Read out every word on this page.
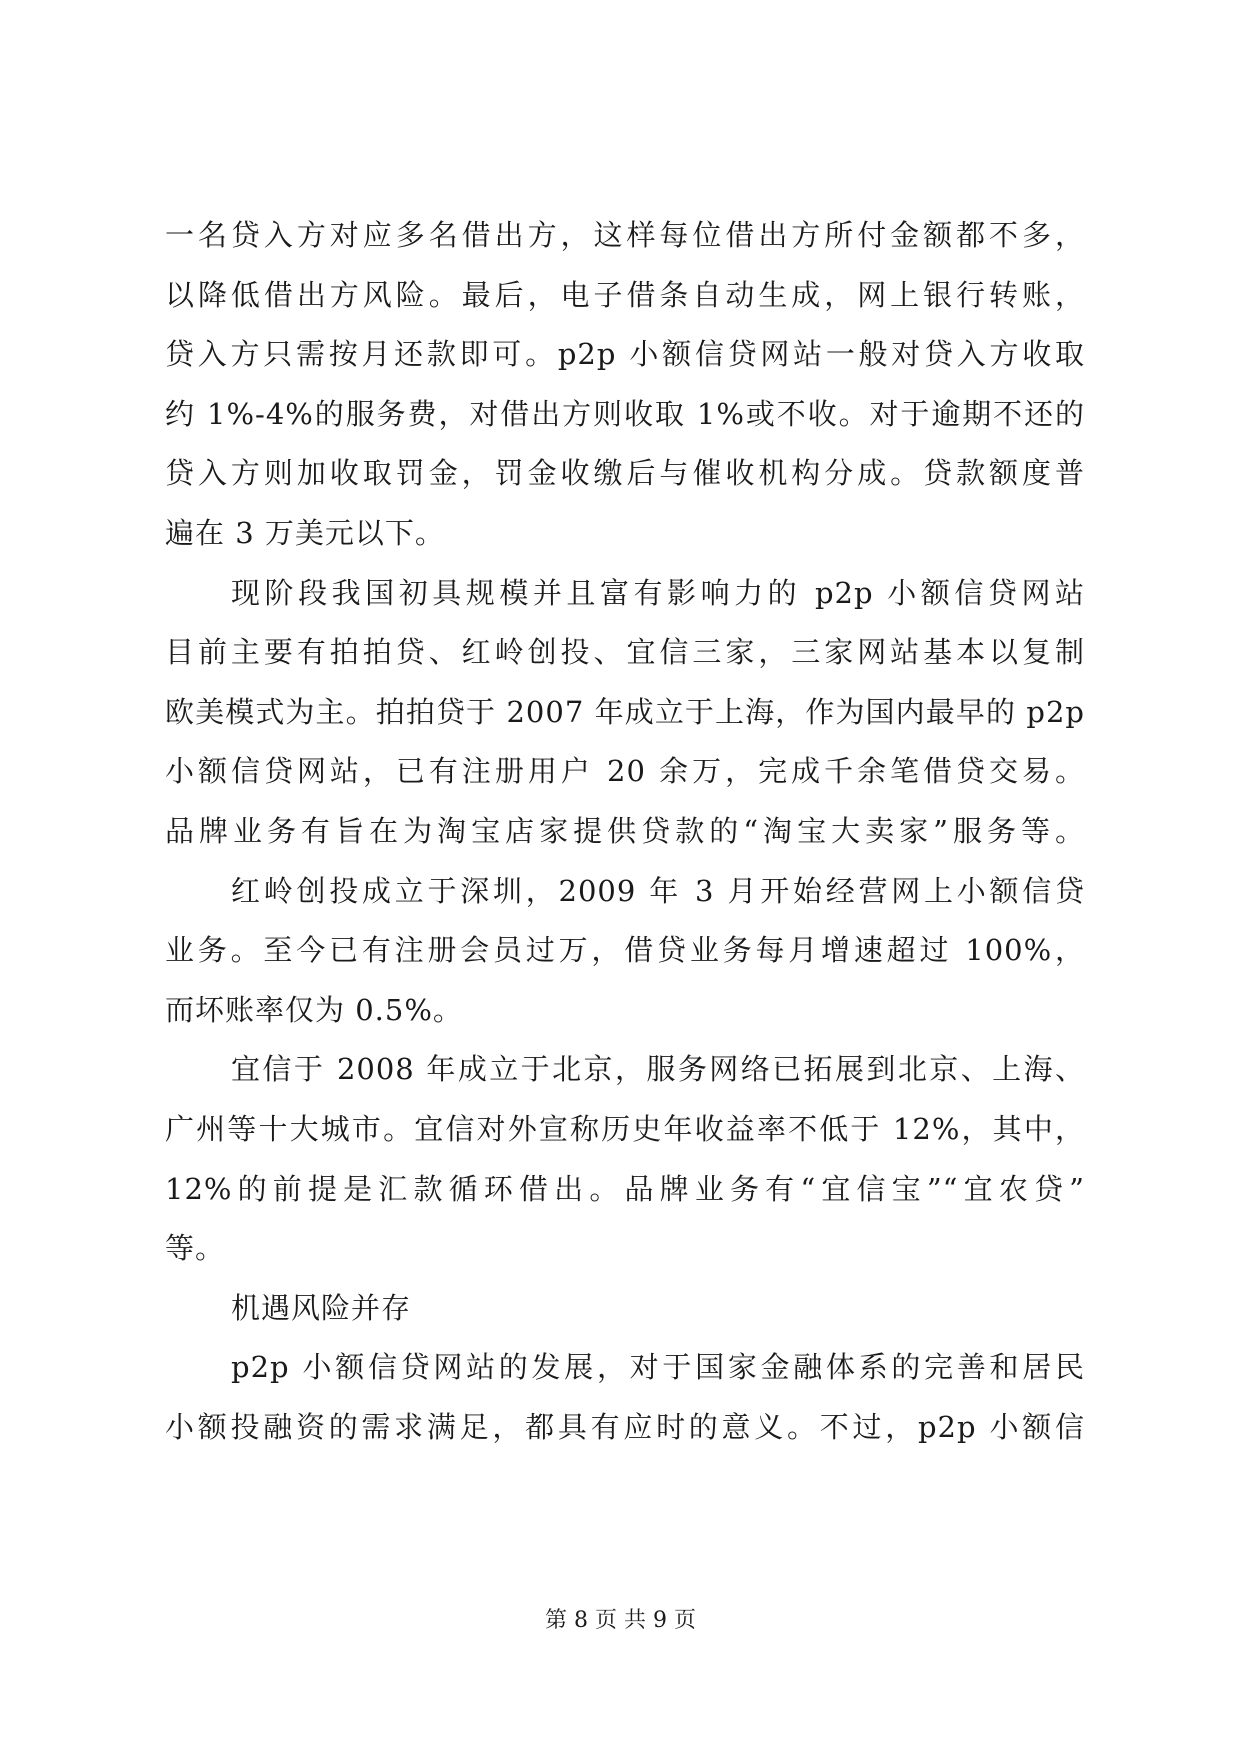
一名贷入方对应多名借出方，这样每位借出方所付金额都不多，
以降低借出方风险。最后，电子借条自动生成，网上银行转账，
贷入方只需按月还款即可。p2p 小额信贷网站一般对贷入方收取
约 1%-4%的服务费，对借出方则收取 1%或不收。对于逾期不还的
贷入方则加收取罚金，罚金收缴后与催收机构分成。贷款额度普
遍在 3 万美元以下。
现阶段我国初具规模并且富有影响力的 p2p 小额信贷网站
目前主要有拍拍贷、红岭创投、宜信三家，三家网站基本以复制
欧美模式为主。拍拍贷于 2007 年成立于上海，作为国内最早的 p2p
小额信贷网站，已有注册用户 20 余万，完成千余笔借贷交易。
品牌业务有旨在为淘宝店家提供贷款的“淘宝大卖家”服务等。
红岭创投成立于深圳，2009 年 3 月开始经营网上小额信贷
业务。至今已有注册会员过万，借贷业务每月增速超过 100%，
而坏账率仅为 0.5%。
宜信于 2008 年成立于北京，服务网络已拓展到北京、上海、
广州等十大城市。宜信对外宣称历史年收益率不低于 12%，其中，
12%的前提是汇款循环借出。品牌业务有“宜信宝”“宜农贷”
等。
机遇风险并存
p2p 小额信贷网站的发展，对于国家金融体系的完善和居民
小额投融资的需求满足，都具有应时的意义。不过，p2p 小额信
第 8 页 共 9 页
